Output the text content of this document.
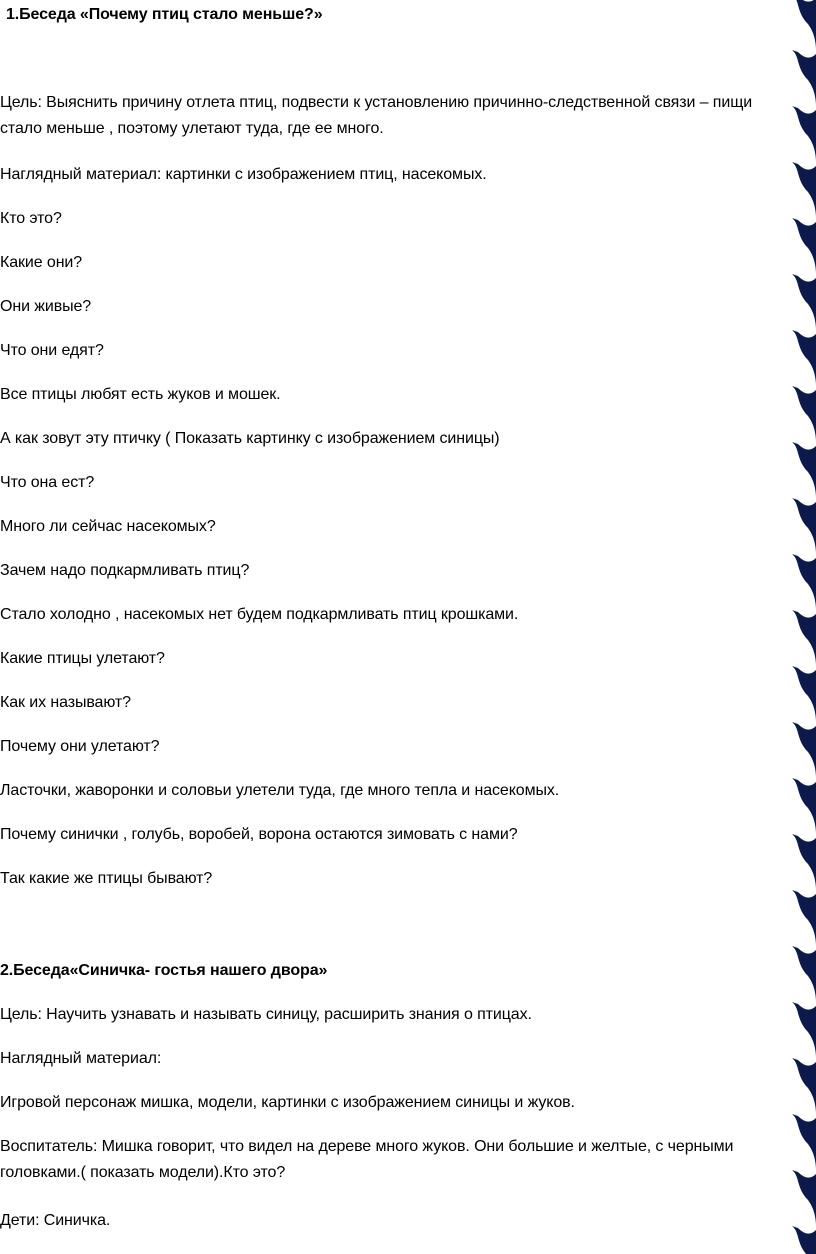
1.Беседа «Почему птиц стало меньше?»
Цель: Выяснить причину отлета птиц, подвести к установлению причинно-следственной связи – пищи стало меньше , поэтому улетают туда, где ее много.
Наглядный материал: картинки с изображением птиц, насекомых.
Кто это?
Какие они?
Они живые?
Что они едят?
Все птицы любят есть жуков и мошек.
А как зовут эту птичку ( Показать картинку с изображением синицы)
Что она ест?
Много ли сейчас насекомых?
Зачем надо подкармливать птиц?
Стало холодно , насекомых нет будем подкармливать птиц крошками.
Какие птицы улетают?
Как их называют?
Почему они улетают?
Ласточки, жаворонки и соловьи улетели туда, где много тепла и насекомых.
Почему синички , голубь, воробей, ворона остаются зимовать с нами?
Так какие же птицы бывают?
2.Беседа«Синичка- гостья нашего двора»
Цель: Научить узнавать и называть синицу, расширить знания о птицах.
Наглядный материал:
Игровой персонаж мишка, модели, картинки с изображением синицы и жуков.
Воспитатель: Мишка говорит, что видел на дереве много жуков. Они большие и желтые, с черными головками.( показать модели).Кто это?
Дети: Синичка.
